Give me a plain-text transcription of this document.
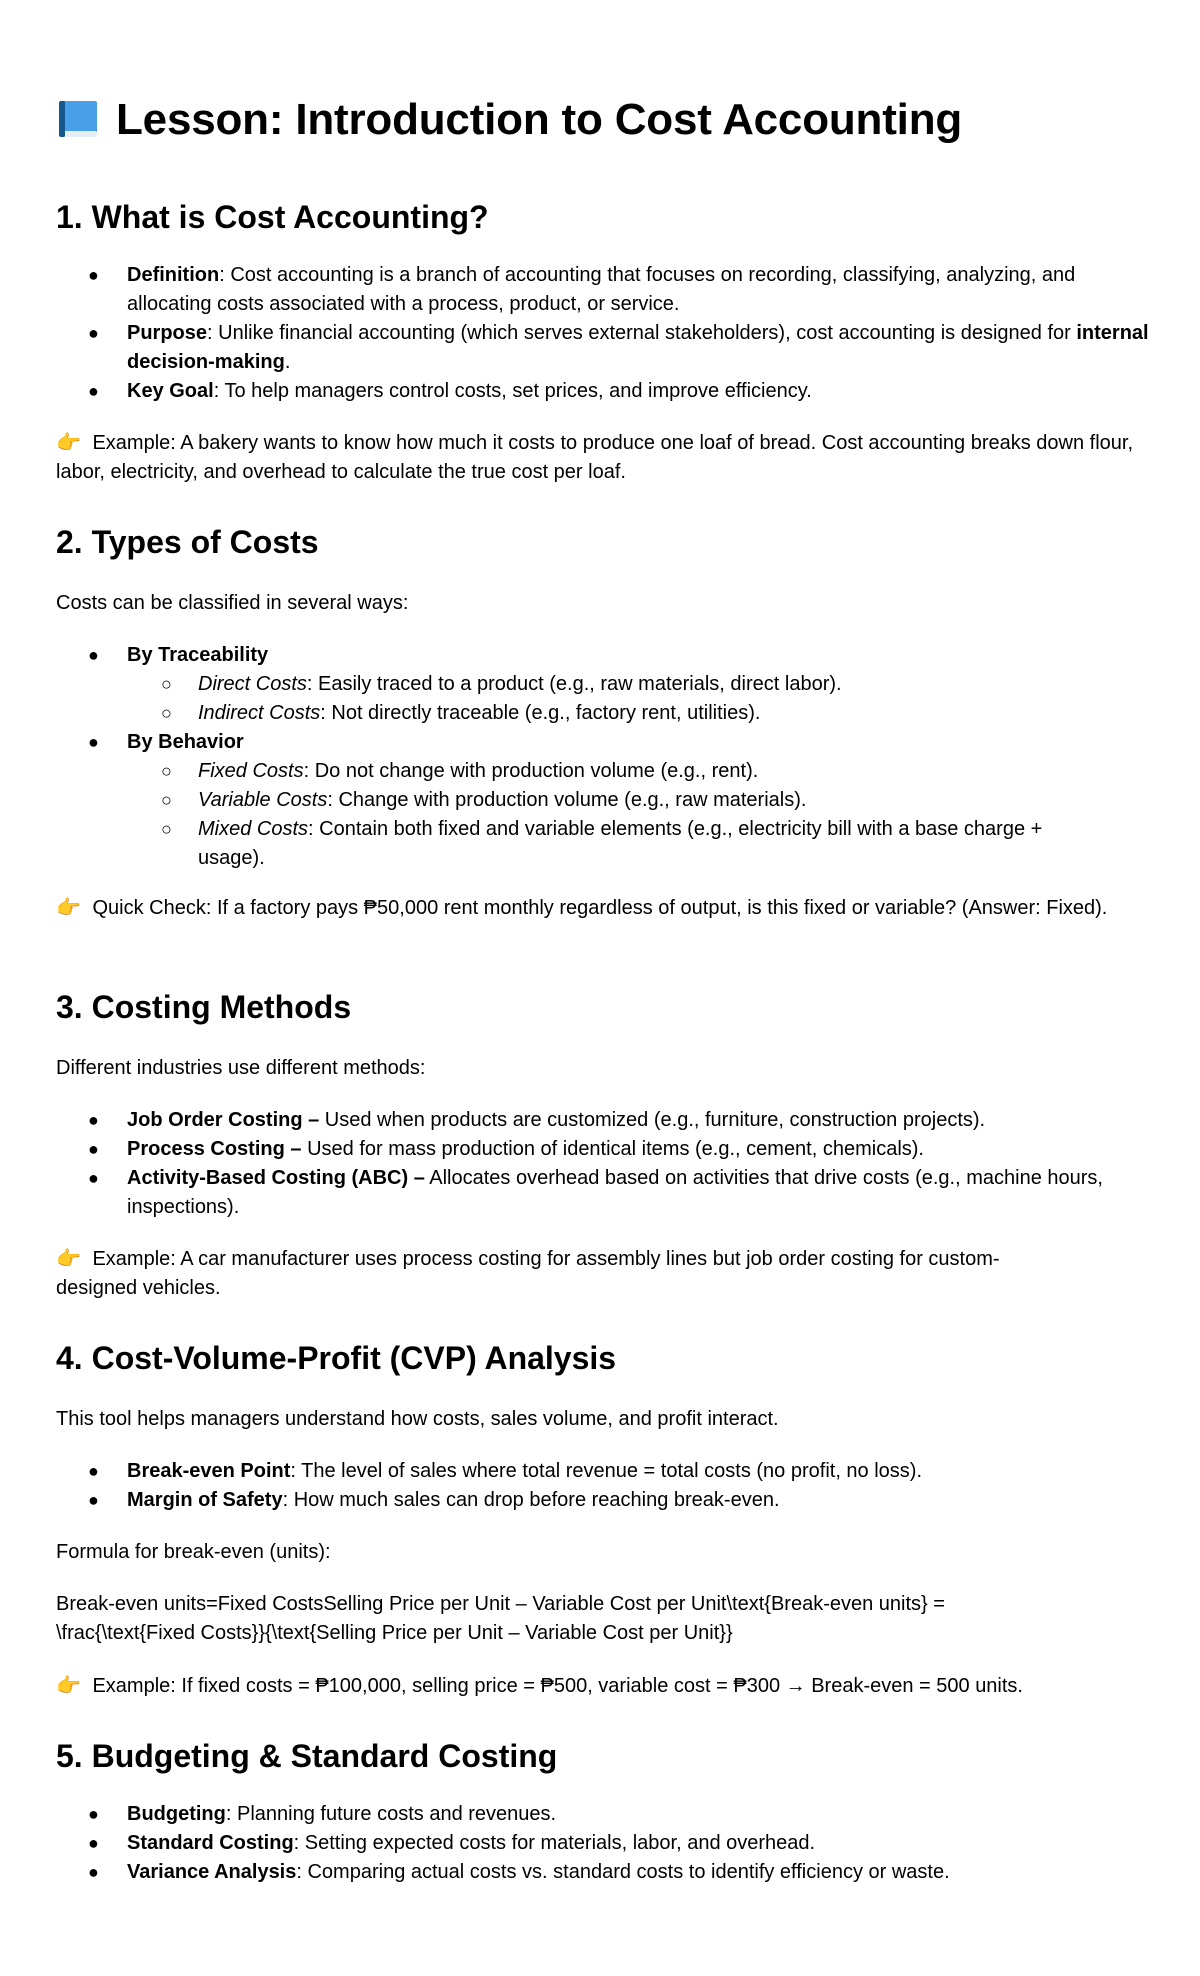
Lesson: Introduction to Cost Accounting
1. What is Cost Accounting?
● Definition: Cost accounting is a branch of accounting that focuses on recording, classifying, analyzing, and allocating costs associated with a process, product, or service.
● Purpose: Unlike financial accounting (which serves external stakeholders), cost accounting is designed for internal decision-making.
● Key Goal: To help managers control costs, set prices, and improve efficiency.

👉 Example: A bakery wants to know how much it costs to produce one loaf of bread. Cost accounting breaks down flour, labor, electricity, and overhead to calculate the true cost per loaf.

2. Types of Costs

Costs can be classified in several ways:

● By Traceability
○ Direct Costs: Easily traced to a product (e.g., raw materials, direct labor).
○ Indirect Costs: Not directly traceable (e.g., factory rent, utilities).
● By Behavior
○ Fixed Costs: Do not change with production volume (e.g., rent).
○ Variable Costs: Change with production volume (e.g., raw materials).
○ Mixed Costs: Contain both fixed and variable elements (e.g., electricity bill with a base charge + usage).

👉 Quick Check: If a factory pays ₱50,000 rent monthly regardless of output, is this fixed or variable? (Answer: Fixed).

3. Costing Methods

Different industries use different methods:

● Job Order Costing – Used when products are customized (e.g., furniture, construction projects).
● Process Costing – Used for mass production of identical items (e.g., cement, chemicals).
● Activity-Based Costing (ABC) – Allocates overhead based on activities that drive costs (e.g., machine hours, inspections).

👉 Example: A car manufacturer uses process costing for assembly lines but job order costing for custom-designed vehicles.

4. Cost-Volume-Profit (CVP) Analysis

This tool helps managers understand how costs, sales volume, and profit interact.

● Break-even Point: The level of sales where total revenue = total costs (no profit, no loss).
● Margin of Safety: How much sales can drop before reaching break-even.

Formula for break-even (units):

Break-even units=Fixed CostsSelling Price per Unit – Variable Cost per Unit\text{Break-even units} = \frac{\text{Fixed Costs}}{\text{Selling Price per Unit – Variable Cost per Unit}}

👉 Example: If fixed costs = ₱100,000, selling price = ₱500, variable cost = ₱300 → Break-even = 500 units.

5. Budgeting & Standard Costing
● Budgeting: Planning future costs and revenues.
● Standard Costing: Setting expected costs for materials, labor, and overhead.
● Variance Analysis: Comparing actual costs vs. standard costs to identify efficiency or waste.
